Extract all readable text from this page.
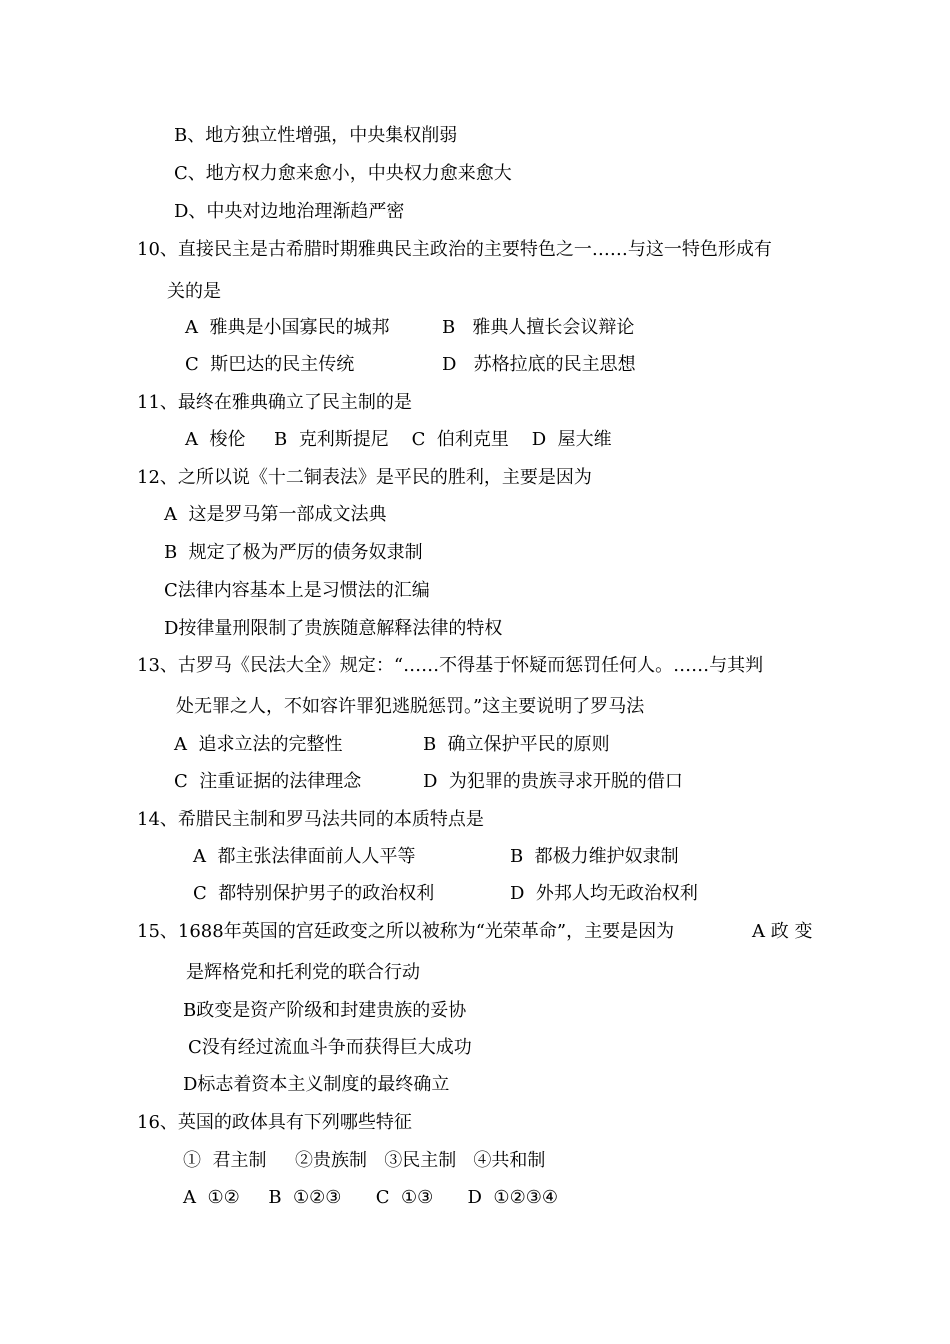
B、地方独立性增强，中央集权削弱
C、地方权力愈来愈小，中央权力愈来愈大
D、中央对边地治理渐趋严密
10、直接民主是古希腊时期雅典民主政治的主要特色之一……与这一特色形成有
关的是
A  雅典是小国寡民的城邦	B   雅典人擅长会议辩论
C  斯巴达的民主传统	D   苏格拉底的民主思想
11、最终在雅典确立了民主制的是
A  梭伦     B  克利斯提尼    C  伯利克里    D  屋大维
12、之所以说《十二铜表法》是平民的胜利，主要是因为
A  这是罗马第一部成文法典
B  规定了极为严厉的债务奴隶制
C法律内容基本上是习惯法的汇编
D按律量刑限制了贵族随意解释法律的特权
13、古罗马《民法大全》规定：“……不得基于怀疑而惩罚任何人。……与其判
处无罪之人，不如容许罪犯逃脱惩罚。”这主要说明了罗马法
A  追求立法的完整性	B  确立保护平民的原则
C  注重证据的法律理念	D  为犯罪的贵族寻求开脱的借口
14、希腊民主制和罗马法共同的本质特点是
A  都主张法律面前人人平等	B  都极力维护奴隶制
C  都特别保护男子的政治权利	D  外邦人均无政治权利
15、1688年英国的宫廷政变之所以被称为“光荣革命”，主要是因为	A 政 变
是辉格党和托利党的联合行动
B政变是资产阶级和封建贵族的妥协
C没有经过流血斗争而获得巨大成功
D标志着资本主义制度的最终确立
16、英国的政体具有下列哪些特征
①  君主制     ②贵族制   ③民主制   ④共和制
A  ①②     B  ①②③      C  ①③      D  ①②③④
